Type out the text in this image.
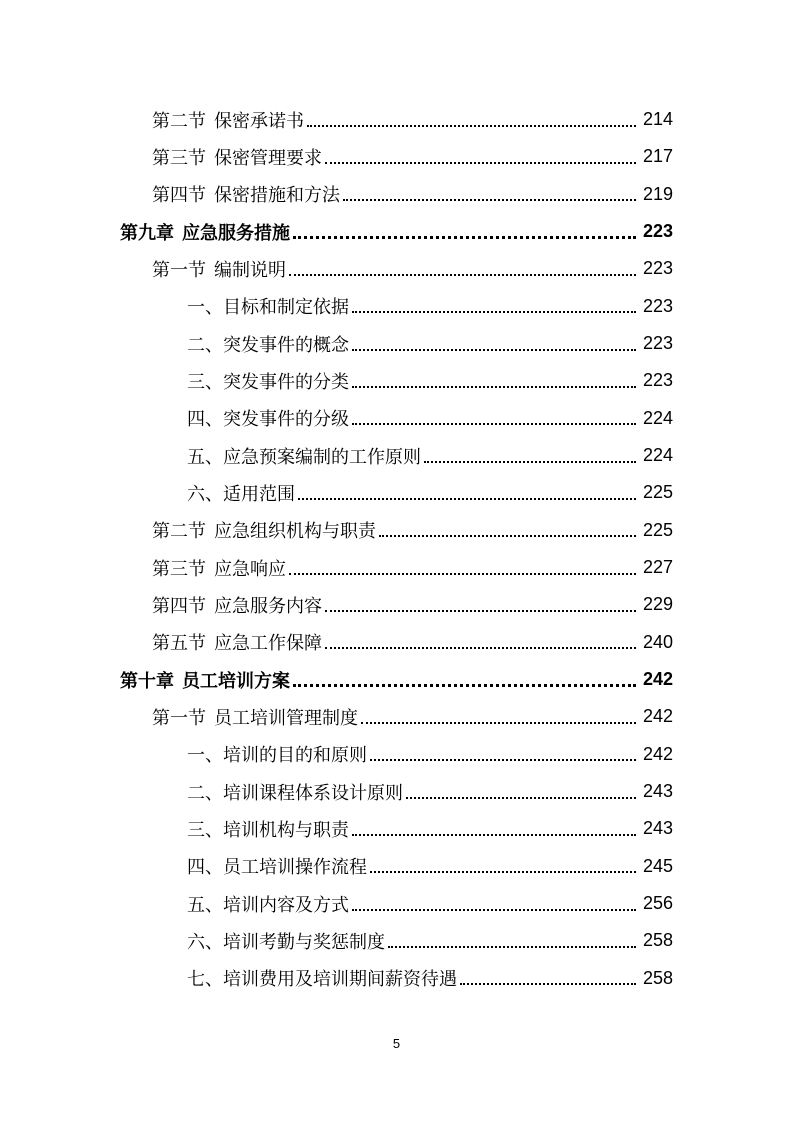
第二节 保密承诺书	214
第三节 保密管理要求	217
第四节 保密措施和方法	219
第九章 应急服务措施	223
第一节 编制说明	223
一、 目标和制定依据	223
二、 突发事件的概念	223
三、 突发事件的分类	223
四、 突发事件的分级	224
五、 应急预案编制的工作原则	224
六、 适用范围	225
第二节 应急组织机构与职责	225
第三节 应急响应	227
第四节 应急服务内容	229
第五节 应急工作保障	240
第十章 员工培训方案	242
第一节 员工培训管理制度	242
一、 培训的目的和原则	242
二、 培训课程体系设计原则	243
三、 培训机构与职责	243
四、 员工培训操作流程	245
五、 培训内容及方式	256
六、 培训考勤与奖惩制度	258
七、 培训费用及培训期间薪资待遇	258
5
